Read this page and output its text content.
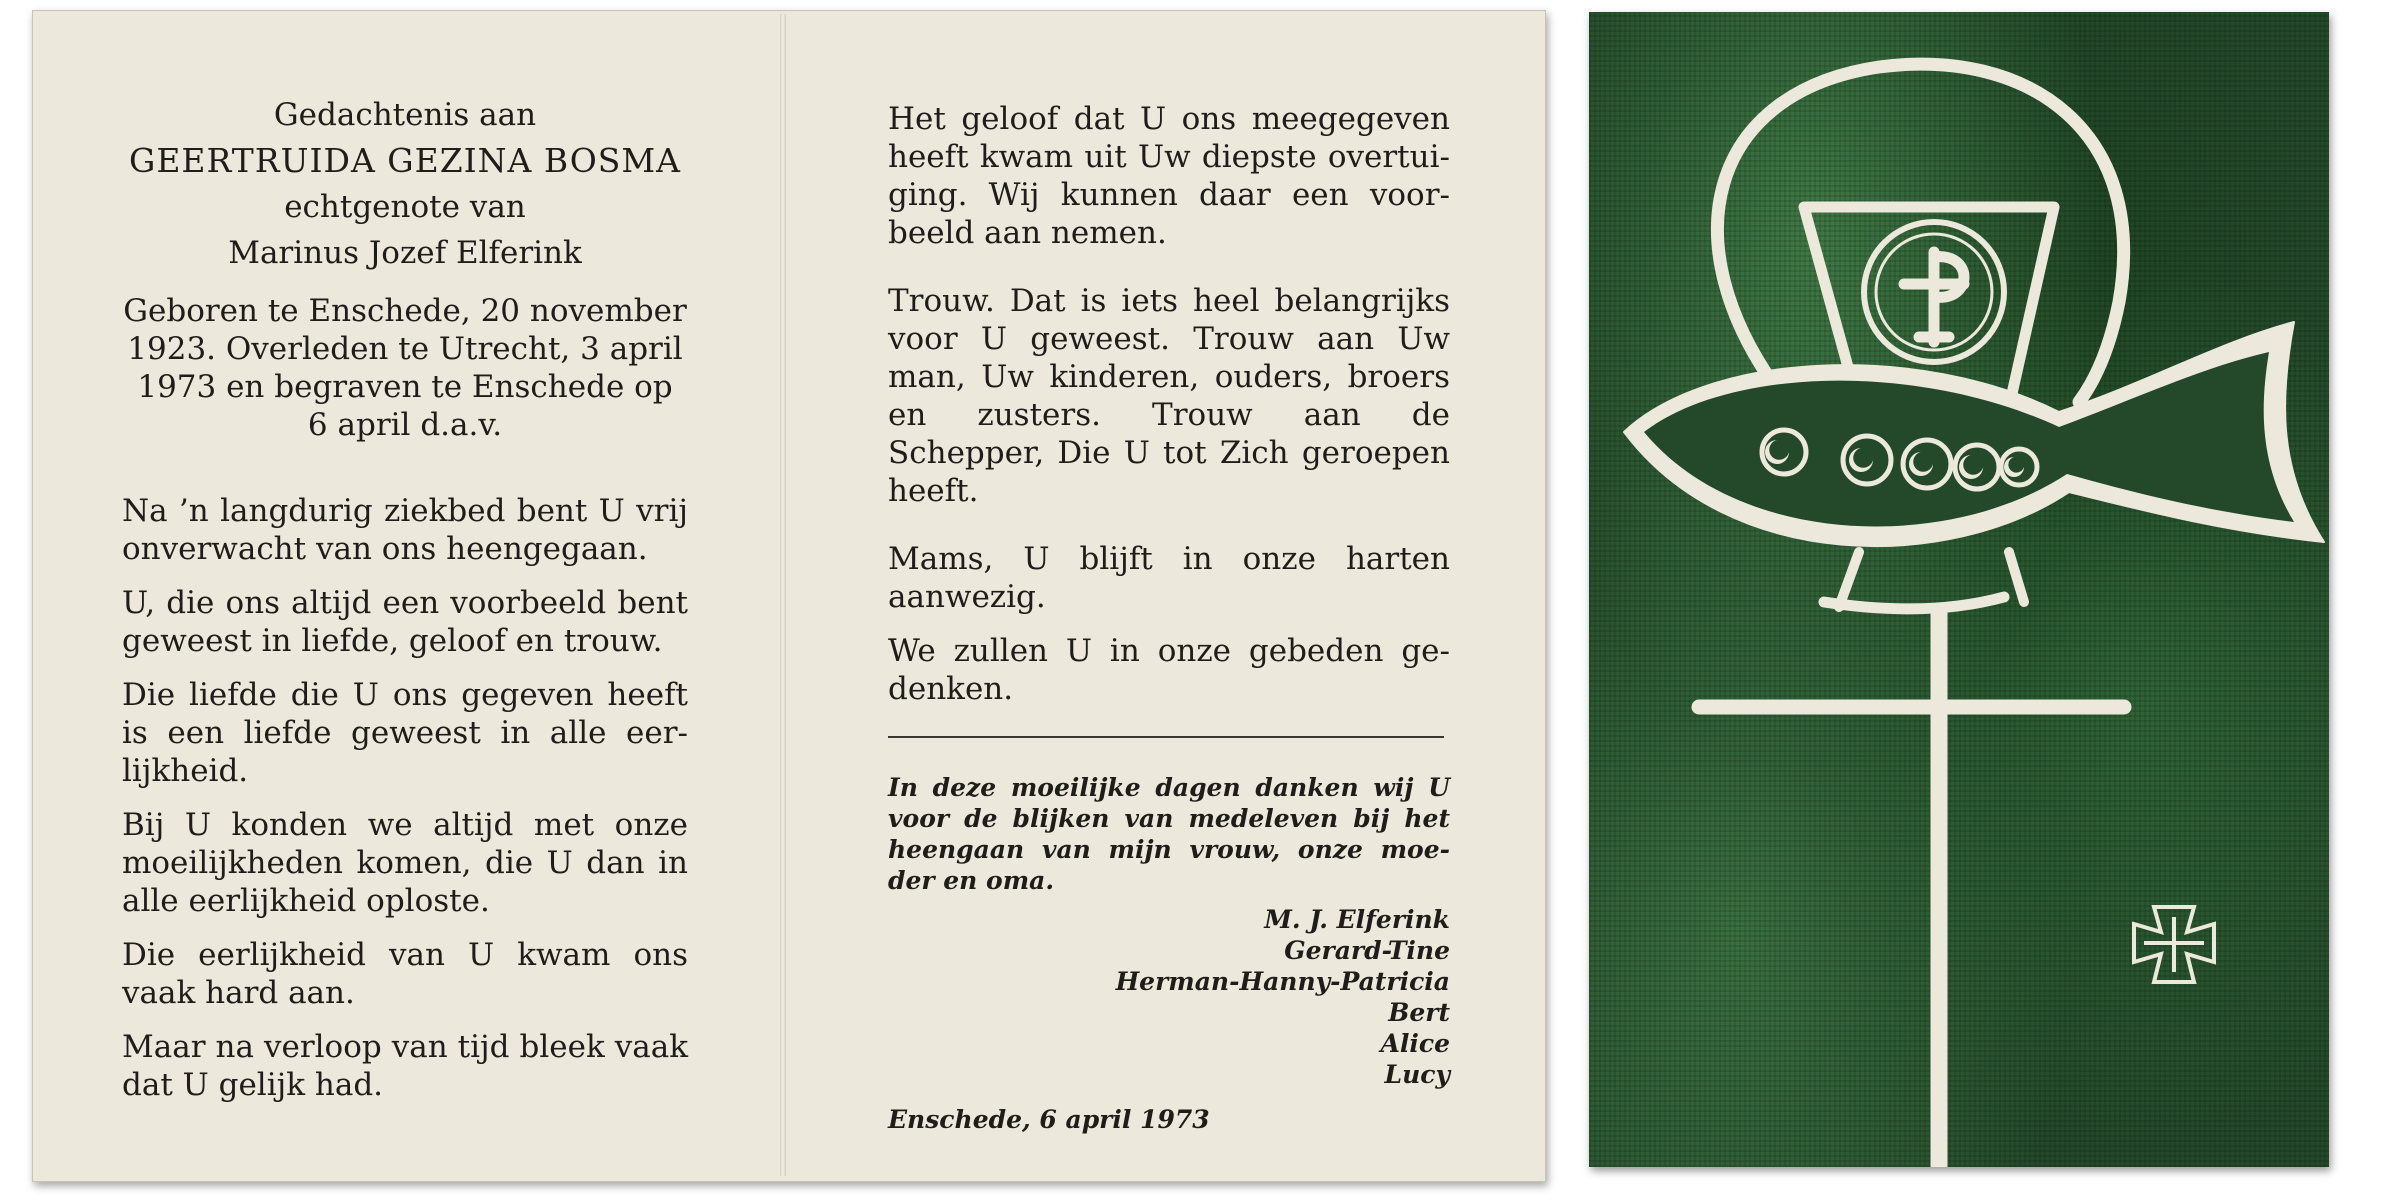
Gedachtenis aan
GEERTRUIDA GEZINA BOSMA
echtgenote van
Marinus Jozef Elferink
Geboren te Enschede, 20 november
1923. Overleden te Utrecht, 3 april
1973 en begraven te Enschede op
6 april d.a.v.

Na ’n langdurig ziekbed bent U vrij onverwacht van ons heengegaan.

U, die ons altijd een voorbeeld bent geweest in liefde, geloof en trouw.

Die liefde die U ons gegeven heeft is een liefde geweest in alle eer-lijkheid.

Bij U konden we altijd met onze moeilijkheden komen, die U dan in alle eerlijkheid oploste.

Die eerlijkheid van U kwam ons vaak hard aan.

Maar na verloop van tijd bleek vaak dat U gelijk had.

Het geloof dat U ons meegegeven heeft kwam uit Uw diepste overtui-ging. Wij kunnen daar een voor-beeld aan nemen.

Trouw. Dat is iets heel belangrijks voor U geweest. Trouw aan Uw man, Uw kinderen, ouders, broers en zusters. Trouw aan de Schepper, Die U tot Zich geroepen heeft.

Mams, U blijft in onze harten aanwezig.

We zullen U in onze gebeden ge-denken.

In deze moeilijke dagen danken wij U voor de blijken van medeleven bij het heengaan van mijn vrouw, onze moe-der en oma.

M. J. Elferink
Gerard-Tine
Herman-Hanny-Patricia
Bert
Alice
Lucy
Enschede, 6 april 1973
